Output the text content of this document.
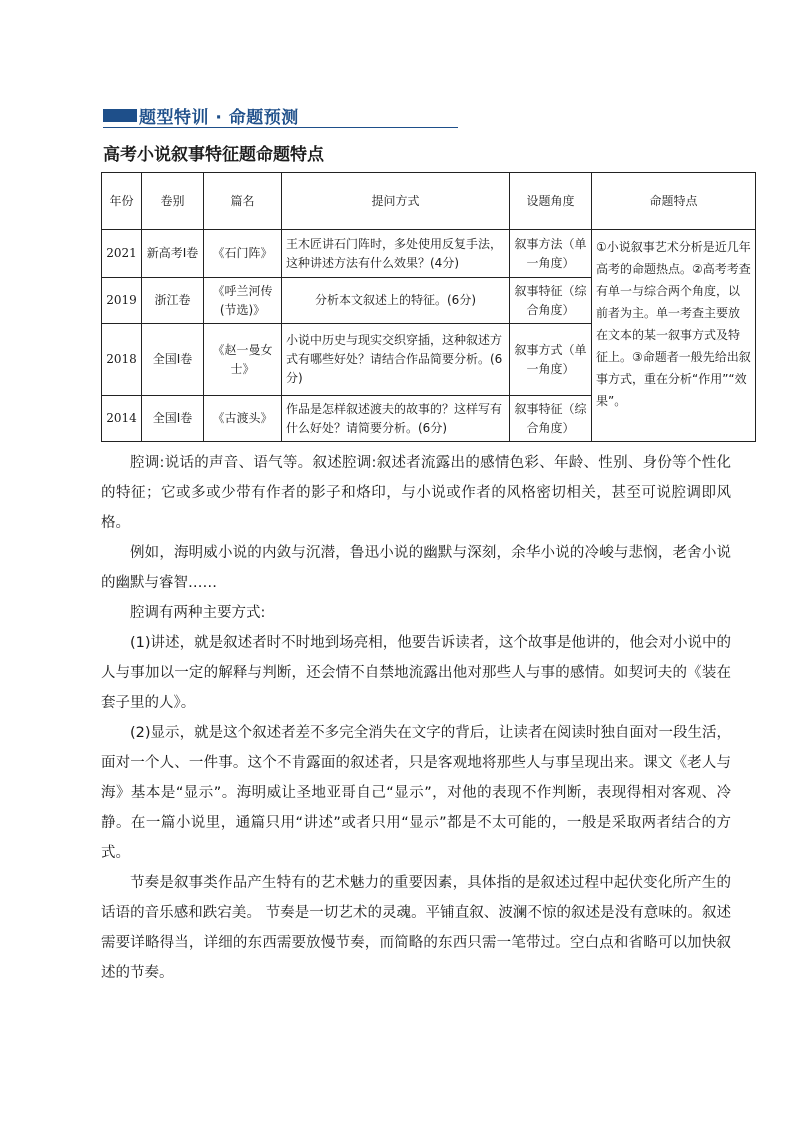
题型特训 · 命题预测
高考小说叙事特征题命题特点
年份	卷别	篇名	提问方式	设题角度	命题特点
2021	新高考Ⅰ卷	《石门阵》	王木匠讲石门阵时，多处使用反复手法，这种讲述方法有什么效果？(4分)	叙事方法（单一角度）	①小说叙事艺术分析是近几年高考的命题热点。②高考考查有单一与综合两个角度，以前者为主。单一考查主要放在文本的某一叙事方式及特征上。③命题者一般先给出叙事方式，重在分析“作用”“效果”。
2019	浙江卷	《呼兰河传(节选)》	分析本文叙述上的特征。(6分)	叙事特征（综合角度）	
2018	全国Ⅰ卷	《赵一曼女士》	小说中历史与现实交织穿插，这种叙述方式有哪些好处？请结合作品简要分析。(6分)	叙事方式（单一角度）	
2014	全国Ⅰ卷	《古渡头》	作品是怎样叙述渡夫的故事的？这样写有什么好处？请简要分析。(6分)	叙事特征（综合角度）	

腔调:说话的声音、语气等。叙述腔调:叙述者流露出的感情色彩、年龄、性别、身份等个性化的特征；它或多或少带有作者的影子和烙印，与小说或作者的风格密切相关，甚至可说腔调即风格。

例如，海明威小说的内敛与沉潜，鲁迅小说的幽默与深刻，余华小说的冷峻与悲悯，老舍小说的幽默与睿智……

腔调有两种主要方式:

(1)讲述，就是叙述者时不时地到场亮相，他要告诉读者，这个故事是他讲的，他会对小说中的人与事加以一定的解释与判断，还会情不自禁地流露出他对那些人与事的感情。如契诃夫的《装在套子里的人》。

(2)显示，就是这个叙述者差不多完全消失在文字的背后，让读者在阅读时独自面对一段生活，面对一个人、一件事。这个不肯露面的叙述者，只是客观地将那些人与事呈现出来。课文《老人与海》基本是“显示”。海明威让圣地亚哥自己“显示”，对他的表现不作判断，表现得相对客观、冷静。在一篇小说里，通篇只用“讲述”或者只用“显示”都是不太可能的，一般是采取两者结合的方式。

节奏是叙事类作品产生特有的艺术魅力的重要因素，具体指的是叙述过程中起伏变化所产生的话语的音乐感和跌宕美。 节奏是一切艺术的灵魂。平铺直叙、波澜不惊的叙述是没有意味的。叙述需要详略得当，详细的东西需要放慢节奏，而简略的东西只需一笔带过。空白点和省略可以加快叙述的节奏。
